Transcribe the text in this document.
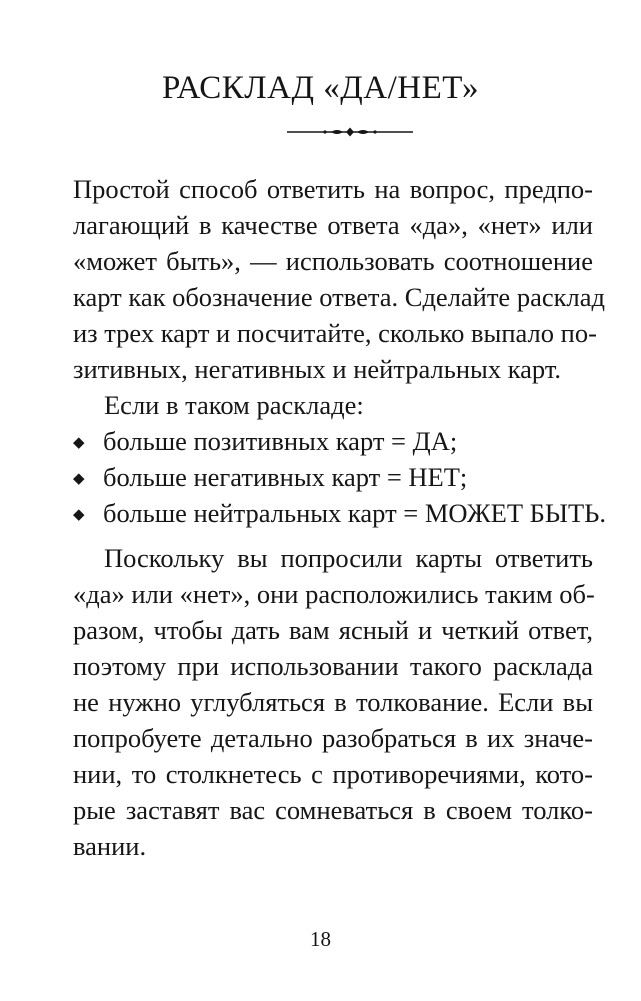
РАСКЛАД «ДА/НЕТ»
Простой способ ответить на вопрос, предпо-
лагающий в качестве ответа «да», «нет» или
«может быть», — использовать соотношение
карт как обозначение ответа. Сделайте расклад
из трех карт и посчитайте, сколько выпало по-
зитивных, негативных и нейтральных карт.
Если в таком раскладе:
◆ больше позитивных карт = ДА;
◆ больше негативных карт = НЕТ;
◆ больше нейтральных карт = МОЖЕТ БЫТЬ.
Поскольку вы попросили карты ответить
«да» или «нет», они расположились таким об-
разом, чтобы дать вам ясный и четкий ответ,
поэтому при использовании такого расклада
не нужно углубляться в толкование. Если вы
попробуете детально разобраться в их значе-
нии, то столкнетесь с противоречиями, кото-
рые заставят вас сомневаться в своем толко-
вании.
18
